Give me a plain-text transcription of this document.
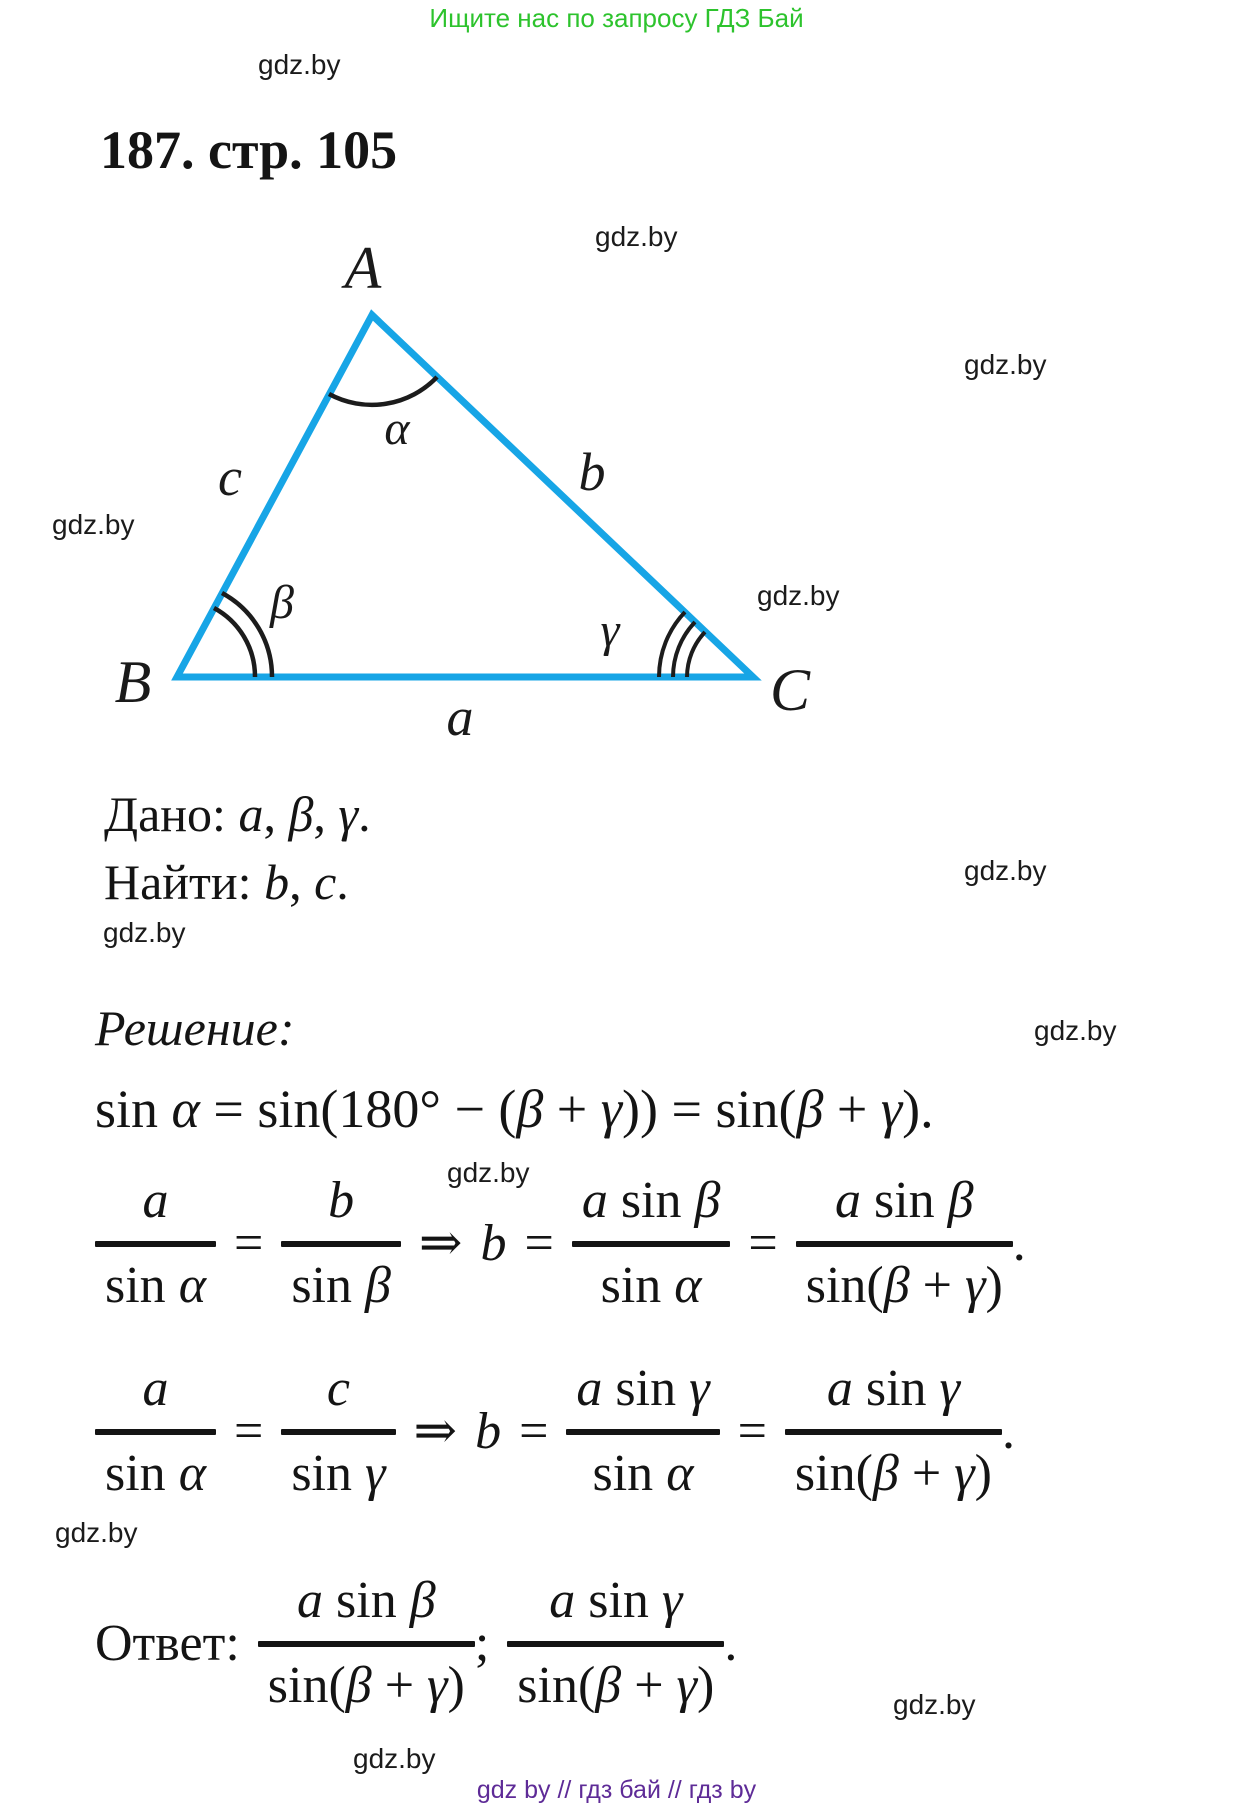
Ищите нас по запросу ГДЗ Бай
gdz.by
gdz.by
gdz.by
gdz.by
gdz.by
gdz.by
gdz.by
gdz.by
gdz.by
gdz.by
gdz.by
gdz.by
187. стр. 105
A
B	C
c	b
a
α
β
γ
Дано: a, β, γ.
Найти: b, c.
Решение:
sin α = sin(180° − (β + γ)) = sin(β + γ).
a
sin α
=
b
sin β
⇒ b =
a sin β
sin α
=
a sin β
sin(β + γ)
.
a
sin α
=
c
sin γ
⇒ b =
a sin γ
sin α
=
a sin γ
sin(β + γ)
.
Ответ:
a sin β
sin(β + γ)
;
a sin γ
sin(β + γ)
.
gdz by // гдз бай // гдз by
